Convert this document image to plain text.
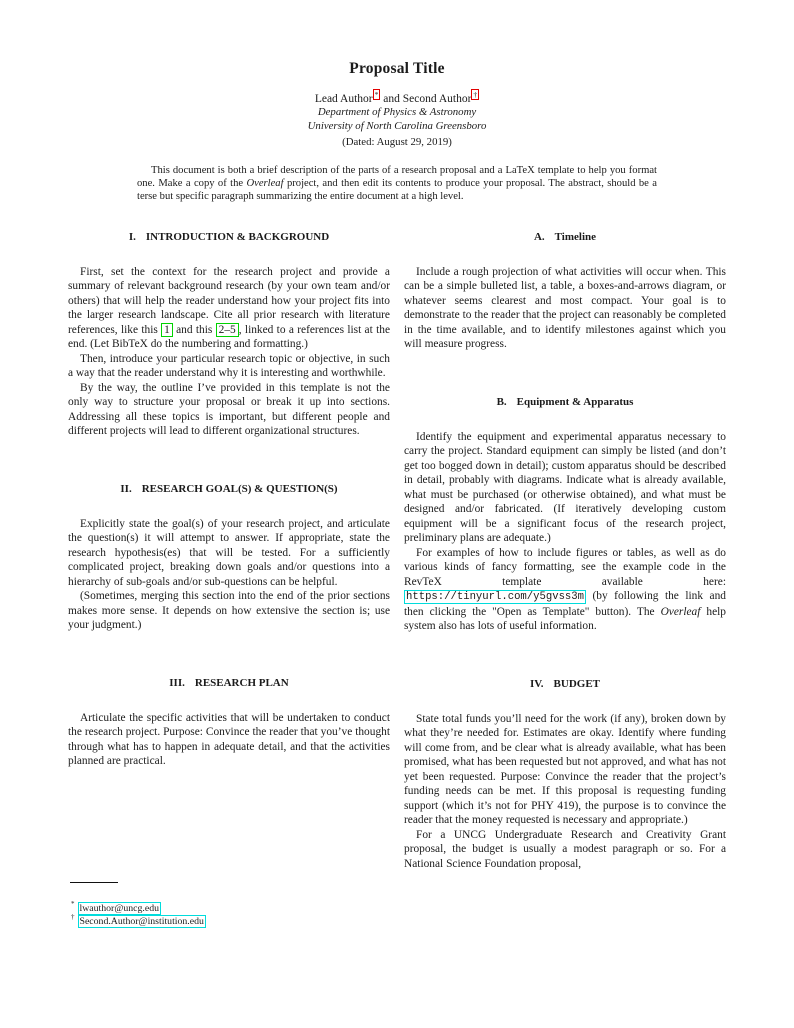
Proposal Title
Lead Author * and Second Author †
Department of Physics & Astronomy
University of North Carolina Greensboro
(Dated: August 29, 2019)

This document is both a brief description of the parts of a research proposal and a LaTeX template to help you format one. Make a copy of the Overleaf project, and then edit its contents to produce your proposal. The abstract, should be a terse but specific paragraph summarizing the entire document at a high level.

I. INTRODUCTION & BACKGROUND

First, set the context for the research project and provide a summary of relevant background research (by your own team and/or others) that will help the reader understand how your project fits into the larger research landscape. Cite all prior research with literature references, like this 1 and this 2–5 , linked to a references list at the end. (Let BibTeX do the numbering and formatting.)

Then, introduce your particular research topic or objective, in such a way that the reader understand why it is interesting and worthwhile.

By the way, the outline I’ve provided in this template is not the only way to structure your proposal or break it up into sections. Addressing all these topics is important, but different people and different projects will lead to different organizational structures.

II. RESEARCH GOAL(S) & QUESTION(S)

Explicitly state the goal(s) of your research project, and articulate the question(s) it will attempt to answer. If appropriate, state the research hypothesis(es) that will be tested. For a sufficiently complicated project, breaking down goals and/or questions into a hierarchy of sub-goals and/or sub-questions can be helpful.

(Sometimes, merging this section into the end of the prior sections makes more sense. It depends on how extensive the section is; use your judgment.)

III. RESEARCH PLAN

Articulate the specific activities that will be undertaken to conduct the research project. Purpose: Convince the reader that you’ve thought through what has to happen in adequate detail, and that the activities planned are practical.

* lwauthor@uncg.edu
† Second.Author@institution.edu
A. Timeline

Include a rough projection of what activities will occur when. This can be a simple bulleted list, a table, a boxes-and-arrows diagram, or whatever seems clearest and most compact. Your goal is to demonstrate to the reader that the project can reasonably be completed in the time available, and to identify milestones against which you will measure progress.

B. Equipment & Apparatus

Identify the equipment and experimental apparatus necessary to carry the project. Standard equipment can simply be listed (and don’t get too bogged down in detail); custom apparatus should be described in detail, probably with diagrams. Indicate what is already available, what must be purchased (or otherwise obtained), and what must be designed and/or fabricated. (If iteratively developing custom equipment will be a significant focus of the research project, preliminary plans are adequate.)

For examples of how to include figures or tables, as well as do various kinds of fancy formatting, see the example code in the RevTeX template available here: https://tinyurl.com/y5gvss3m (by following the link and then clicking the "Open as Template" button). The Overleaf help system also has lots of useful information.

IV. BUDGET

State total funds you’ll need for the work (if any), broken down by what they’re needed for. Estimates are okay. Identify where funding will come from, and be clear what is already available, what has been promised, what has been requested but not approved, and what has not yet been requested. Purpose: Convince the reader that the project’s funding needs can be met. If this proposal is requesting funding support (which it’s not for PHY 419), the purpose is to convince the reader that the money requested is necessary and appropriate.)

For a UNCG Undergraduate Research and Creativity Grant proposal, the budget is usually a modest paragraph or so. For a National Science Foundation proposal,
